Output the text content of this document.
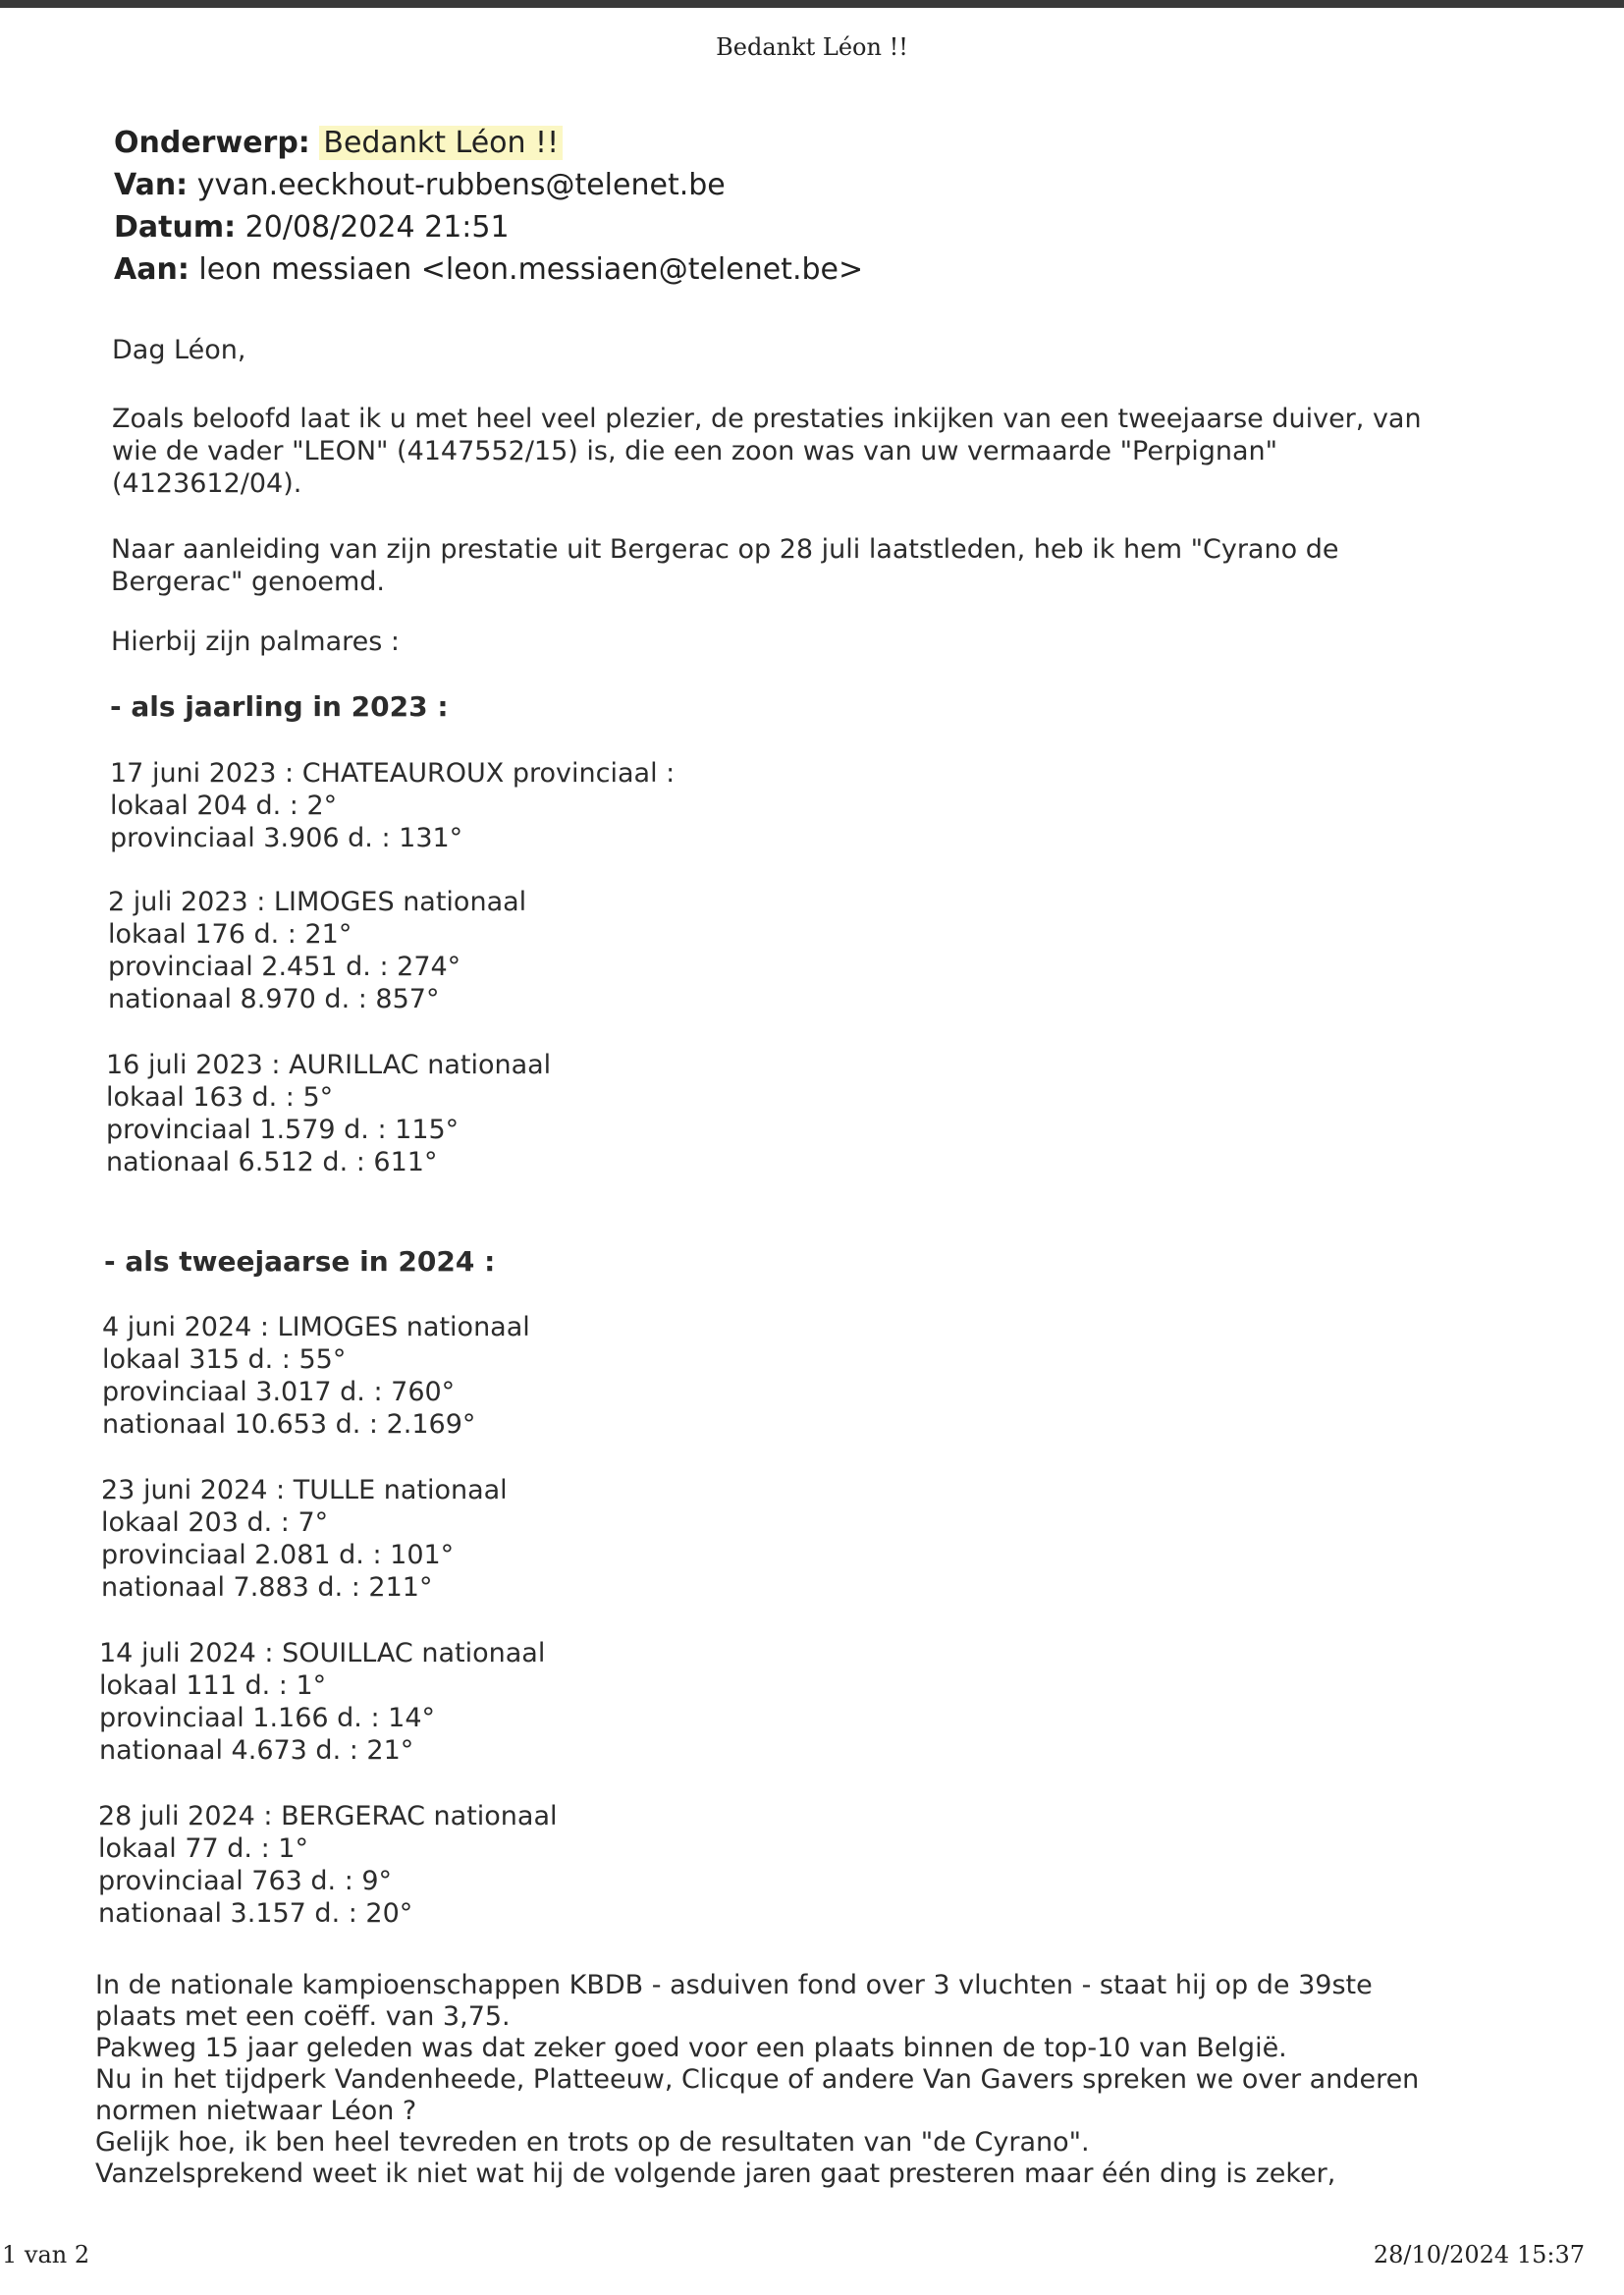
Bedankt Léon !!
Onderwerp: Bedankt Léon !!
Van: yvan.eeckhout-rubbens@telenet.be
Datum: 20/08/2024 21:51
Aan: leon messiaen <leon.messiaen@telenet.be>
Dag Léon,
Zoals beloofd laat ik u met heel veel plezier, de prestaties inkijken van een tweejaarse duiver, van
wie de vader "LEON" (4147552/15) is, die een zoon was van uw vermaarde "Perpignan"
(4123612/04).
Naar aanleiding van zijn prestatie uit Bergerac op 28 juli laatstleden, heb ik hem "Cyrano de
Bergerac" genoemd.
Hierbij zijn palmares :
- als jaarling in 2023 :
17 juni 2023 : CHATEAUROUX provinciaal :
lokaal 204 d. : 2°
provinciaal 3.906 d. : 131°
2 juli 2023 : LIMOGES nationaal
lokaal 176 d. : 21°
provinciaal 2.451 d. : 274°
nationaal 8.970 d. : 857°
16 juli 2023 : AURILLAC nationaal
lokaal 163 d. : 5°
provinciaal 1.579 d. : 115°
nationaal 6.512 d. : 611°
- als tweejaarse in 2024 :
4 juni 2024 : LIMOGES nationaal
lokaal 315 d. : 55°
provinciaal 3.017 d. : 760°
nationaal 10.653 d. : 2.169°
23 juni 2024 : TULLE nationaal
lokaal 203 d. : 7°
provinciaal 2.081 d. : 101°
nationaal 7.883 d. : 211°
14 juli 2024 : SOUILLAC nationaal
lokaal 111 d. : 1°
provinciaal 1.166 d. : 14°
nationaal 4.673 d. : 21°
28 juli 2024 : BERGERAC nationaal
lokaal 77 d. : 1°
provinciaal 763 d. : 9°
nationaal 3.157 d. : 20°
In de nationale kampioenschappen KBDB - asduiven fond over 3 vluchten - staat hij op de 39ste
plaats met een coëff. van 3,75.
Pakweg 15 jaar geleden was dat zeker goed voor een plaats binnen de top-10 van België.
Nu in het tijdperk Vandenheede, Platteeuw, Clicque of andere Van Gavers spreken we over anderen
normen nietwaar Léon ?
Gelijk hoe, ik ben heel tevreden en trots op de resultaten van "de Cyrano".
Vanzelsprekend weet ik niet wat hij de volgende jaren gaat presteren maar één ding is zeker,
1 van 2	28/10/2024 15:37
